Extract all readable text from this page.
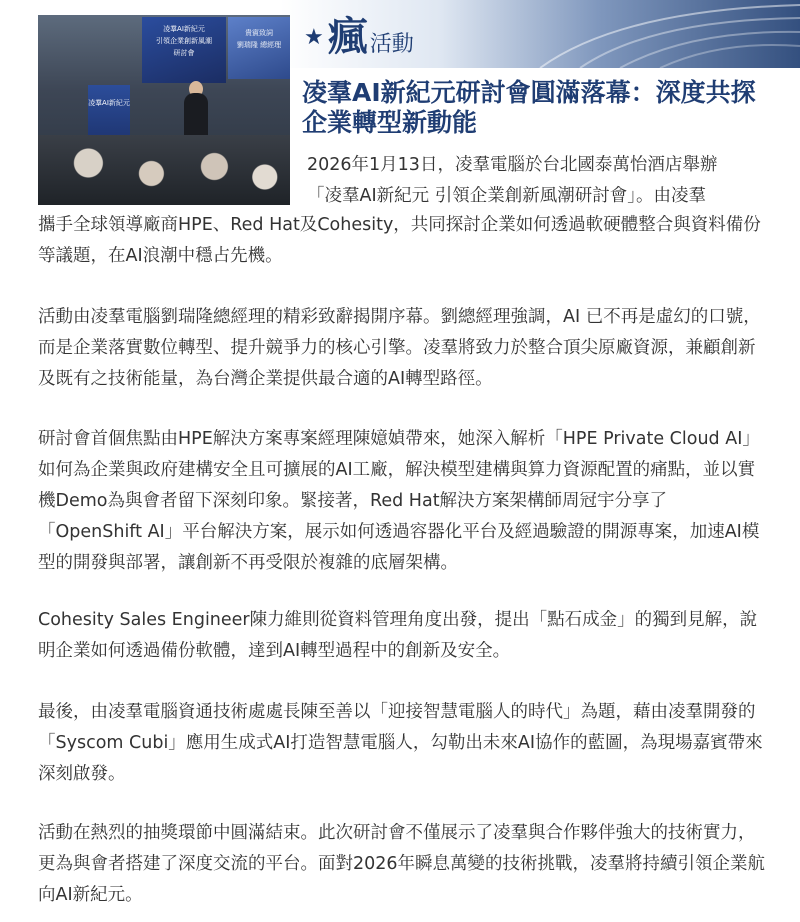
★ 瘋 活動
凌羣AI新紀元
引領企業創新風潮
研討會
貴賓致詞
劉瑞隆 總經理
凌羣AI新紀元	凌羣AI新紀元研討會圓滿落幕：深度共探企業轉型新動能

2026年1月13日，凌羣電腦於台北國泰萬怡酒店舉辦

「凌羣AI新紀元 引領企業創新風潮研討會」。由凌羣

攜手全球領導廠商HPE、Red Hat及Cohesity，共同探討企業如何透過軟硬體整合與資料備份等議題，在AI浪潮中穩占先機。

活動由凌羣電腦劉瑞隆總經理的精彩致辭揭開序幕。劉總經理強調，AI 已不再是虛幻的口號，而是企業落實數位轉型、提升競爭力的核心引擎。凌羣將致力於整合頂尖原廠資源，兼顧創新及既有之技術能量，為台灣企業提供最合適的AI轉型路徑。

研討會首個焦點由HPE解決方案專案經理陳嬑媜帶來，她深入解析「HPE Private Cloud AI」如何為企業與政府建構安全且可擴展的AI工廠，解決模型建構與算力資源配置的痛點，並以實機Demo為與會者留下深刻印象。緊接著，Red Hat解決方案架構師周冠宇分享了「OpenShift AI」平台解決方案，展示如何透過容器化平台及經過驗證的開源專案，加速AI模型的開發與部署，讓創新不再受限於複雜的底層架構。

Cohesity Sales Engineer陳力維則從資料管理角度出發，提出「點石成金」的獨到見解，說明企業如何透過備份軟體，達到AI轉型過程中的創新及安全。

最後，由凌羣電腦資通技術處處長陳至善以「迎接智慧電腦人的時代」為題，藉由凌羣開發的「Syscom Cubi」應用生成式AI打造智慧電腦人，勾勒出未來AI協作的藍圖，為現場嘉賓帶來深刻啟發。

活動在熱烈的抽獎環節中圓滿結束。此次研討會不僅展示了凌羣與合作夥伴強大的技術實力，更為與會者搭建了深度交流的平台。面對2026年瞬息萬變的技術挑戰，凌羣將持續引領企業航向AI新紀元。
